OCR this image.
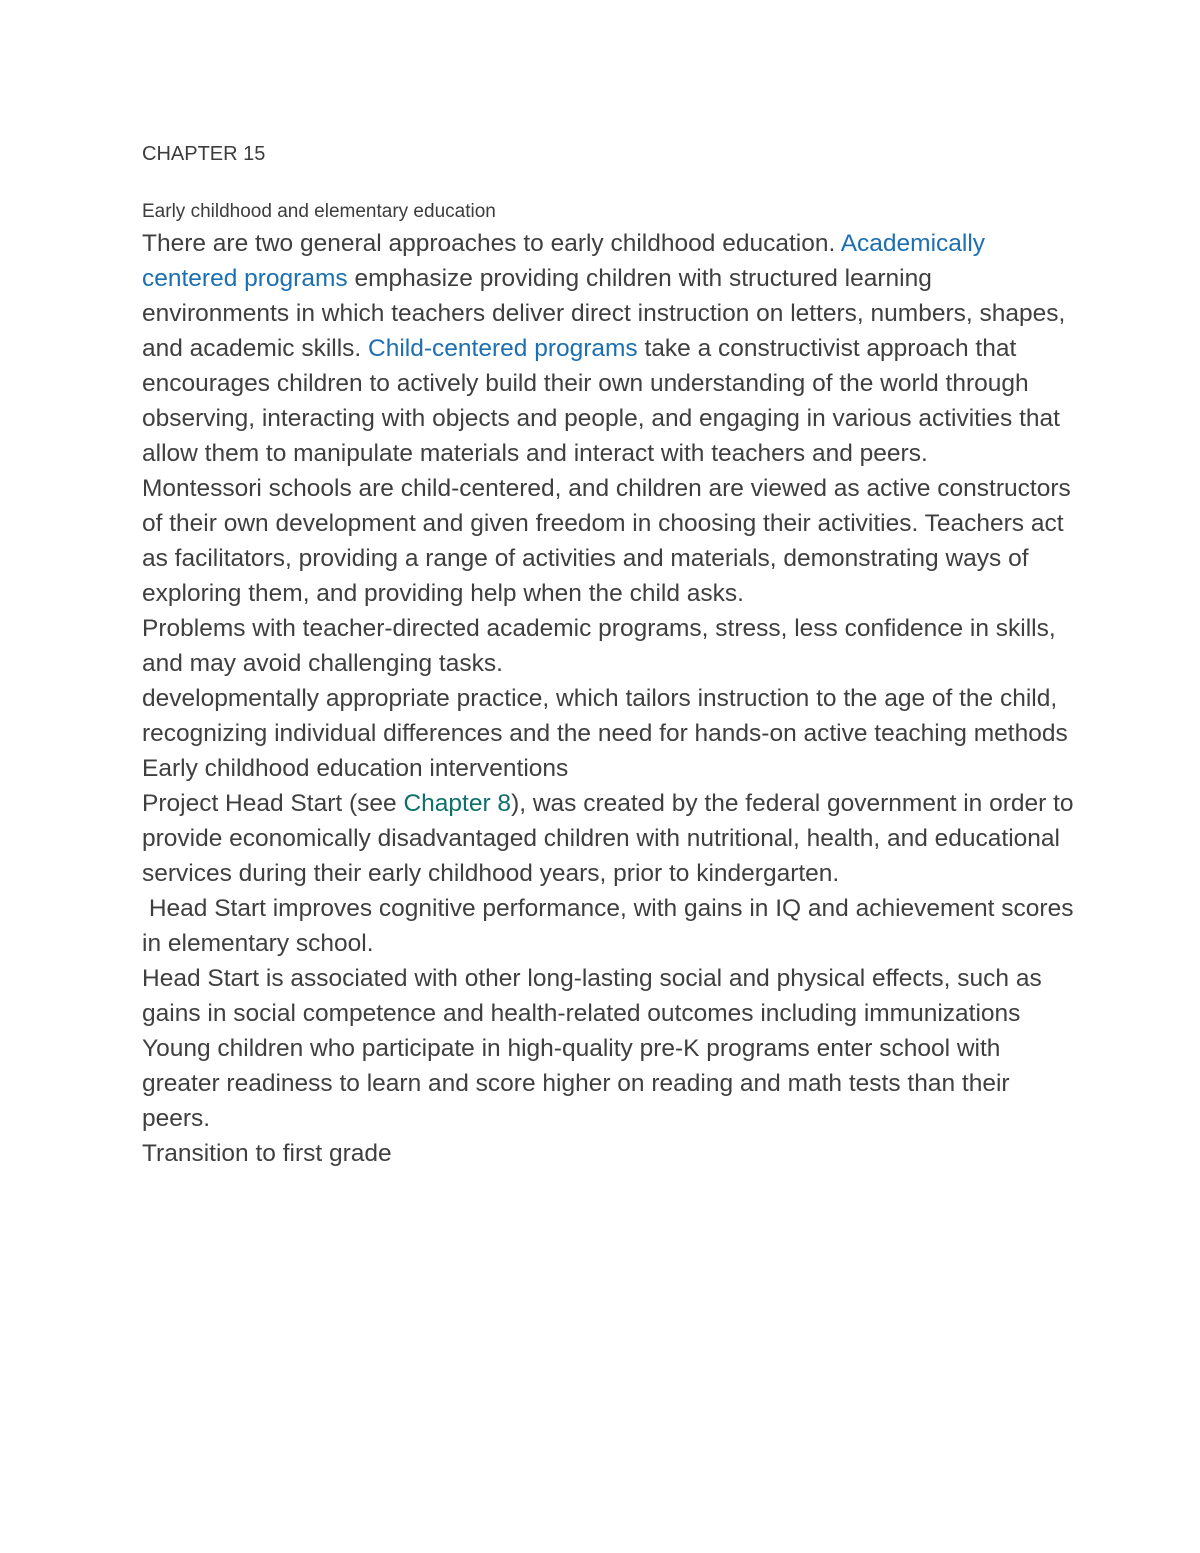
CHAPTER 15
Early childhood and elementary education

There are two general approaches to early childhood education. Academically centered programs emphasize providing children with structured learning environments in which teachers deliver direct instruction on letters, numbers, shapes, and academic skills. Child-centered programs take a constructivist approach that encourages children to actively build their own understanding of the world through observing, interacting with objects and people, and engaging in various activities that allow them to manipulate materials and interact with teachers and peers.

Montessori schools are child-centered, and children are viewed as active constructors of their own development and given freedom in choosing their activities. Teachers act as facilitators, providing a range of activities and materials, demonstrating ways of exploring them, and providing help when the child asks.

Problems with teacher-directed academic programs, stress, less confidence in skills, and may avoid challenging tasks.

developmentally appropriate practice, which tailors instruction to the age of the child, recognizing individual differences and the need for hands-on active teaching methods

Early childhood education interventions

Project Head Start (see Chapter 8), was created by the federal government in order to provide economically disadvantaged children with nutritional, health, and educational services during their early childhood years, prior to kindergarten.

Head Start improves cognitive performance, with gains in IQ and achievement scores in elementary school.

Head Start is associated with other long-lasting social and physical effects, such as gains in social competence and health-related outcomes including immunizations

Young children who participate in high-quality pre-K programs enter school with greater readiness to learn and score higher on reading and math tests than their peers.

Transition to first grade
